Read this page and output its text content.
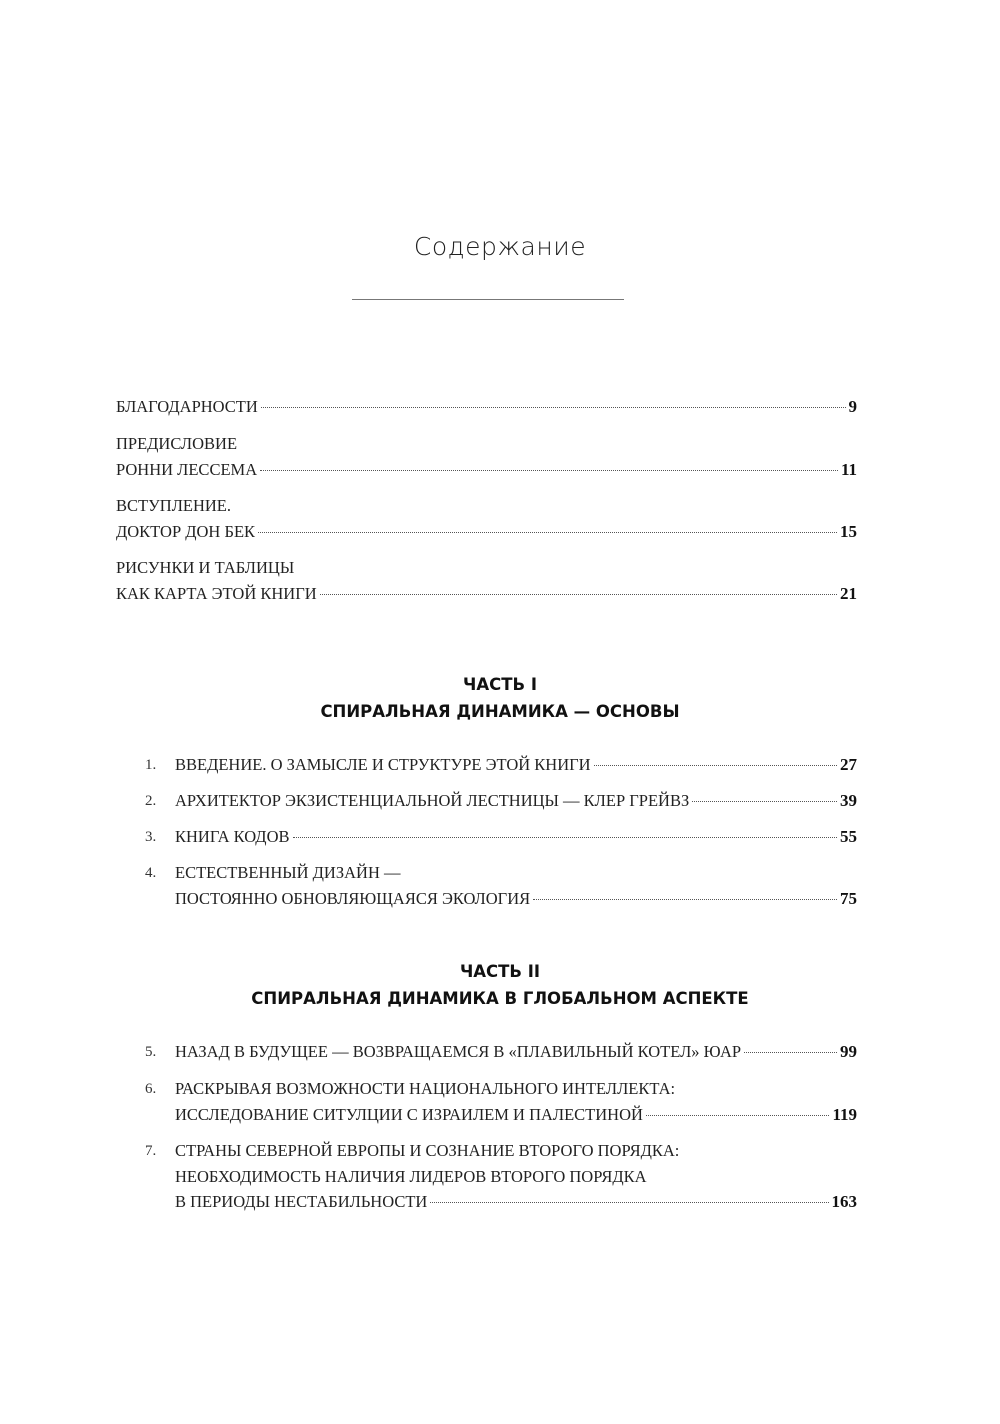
Содержание
БЛАГОДАРНОСТИ	9
ПРЕДИСЛОВИЕ
РОННИ ЛЕССЕМА	11
ВСТУПЛЕНИЕ.
ДОКТОР ДОН БЕК	15
РИСУНКИ И ТАБЛИЦЫ
КАК КАРТА ЭТОЙ КНИГИ	21
ЧАСТЬ I
СПИРАЛЬНАЯ ДИНАМИКА — ОСНОВЫ
1. ВВЕДЕНИЕ. О ЗАМЫСЛЕ И СТРУКТУРЕ ЭТОЙ КНИГИ	27
2. АРХИТЕКТОР ЭКЗИСТЕНЦИАЛЬНОЙ ЛЕСТНИЦЫ — КЛЕР ГРЕЙВЗ	39
3. КНИГА КОДОВ	55
4. ЕСТЕСТВЕННЫЙ ДИЗАЙН —
ПОСТОЯННО ОБНОВЛЯЮЩАЯСЯ ЭКОЛОГИЯ	75
ЧАСТЬ II
СПИРАЛЬНАЯ ДИНАМИКА В ГЛОБАЛЬНОМ АСПЕКТЕ
5. НАЗАД В БУДУЩЕЕ — ВОЗВРАЩАЕМСЯ В «ПЛАВИЛЬНЫЙ КОТЕЛ» ЮАР	99
6. РАСКРЫВАЯ ВОЗМОЖНОСТИ НАЦИОНАЛЬНОГО ИНТЕЛЛЕКТА:
ИССЛЕДОВАНИЕ СИТУЛЦИИ С ИЗРАИЛЕМ И ПАЛЕСТИНОЙ	119
7. СТРАНЫ СЕВЕРНОЙ ЕВРОПЫ И СОЗНАНИЕ ВТОРОГО ПОРЯДКА:
НЕОБХОДИМОСТЬ НАЛИЧИЯ ЛИДЕРОВ ВТОРОГО ПОРЯДКА
В ПЕРИОДЫ НЕСТАБИЛЬНОСТИ	163
